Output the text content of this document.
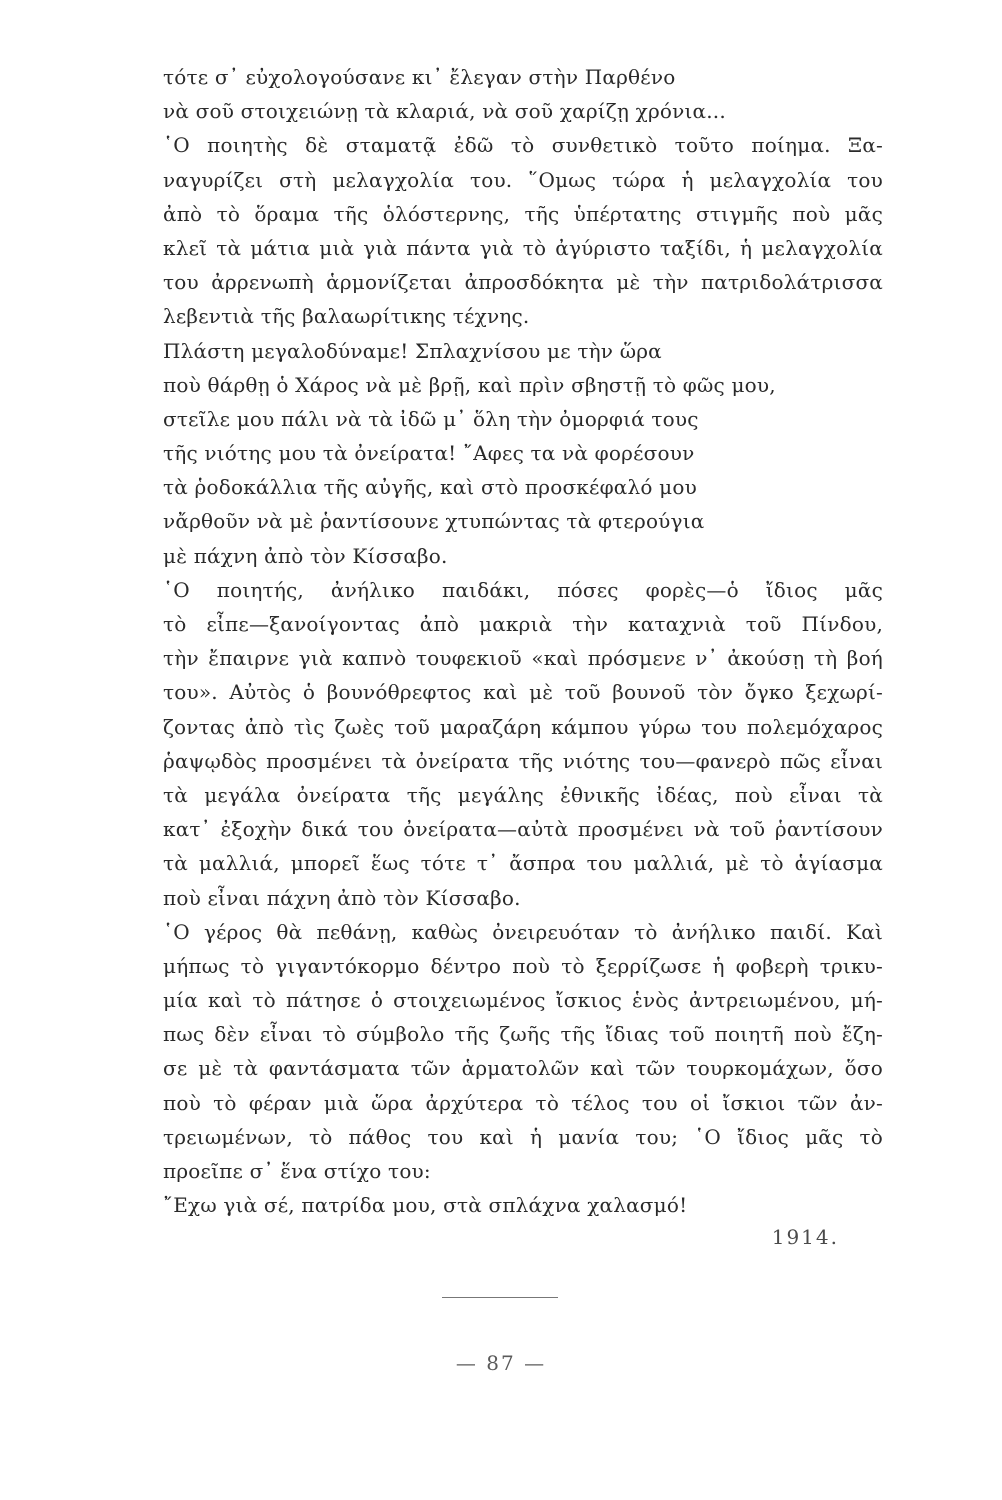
τότε σ᾽ εὐχολογούσανε κι᾽ ἔλεγαν στὴν Παρθένο
νὰ σοῦ στοιχειώνῃ τὰ κλαριά, νὰ σοῦ χαρίζῃ χρόνια...
῾Ο ποιητὴς δὲ σταματᾷ ἐδῶ τὸ συνθετικὸ τοῦτο ποίημα. Ξα-
ναγυρίζει στὴ μελαγχολία του. ῞Ομως τώρα ἡ μελαγχολία του
ἀπὸ τὸ ὅραμα τῆς ὁλόστερνης, τῆς ὑπέρτατης στιγμῆς ποὺ μᾶς
κλεῖ τὰ μάτια μιὰ γιὰ πάντα γιὰ τὸ ἀγύριστο ταξίδι, ἡ μελαγχολία
του ἀρρενωπὴ ἁρμονίζεται ἀπροσδόκητα μὲ τὴν πατριδολάτρισσα
λεβεντιὰ τῆς βαλαωρίτικης τέχνης.
Πλάστη μεγαλοδύναμε! Σπλαχνίσου με τὴν ὥρα
ποὺ θάρθῃ ὁ Χάρος νὰ μὲ βρῇ, καὶ πρὶν σβηστῇ τὸ φῶς μου,
στεῖλε μου πάλι νὰ τὰ ἰδῶ μ᾽ ὅλη τὴν ὀμορφιά τους
τῆς νιότης μου τὰ ὀνείρατα! ῎Αφες τα νὰ φορέσουν
τὰ ῥοδοκάλλια τῆς αὐγῆς, καὶ στὸ προσκέφαλό μου
νἄρθοῦν νὰ μὲ ῥαντίσουνε χτυπώντας τὰ φτερούγια
μὲ πάχνη ἀπὸ τὸν Κίσσαβο.
῾Ο ποιητής, ἀνήλικο παιδάκι, πόσες φορὲς—ὁ ἴδιος μᾶς
τὸ εἶπε—ξανοίγοντας ἀπὸ μακριὰ τὴν καταχνιὰ τοῦ Πίνδου,
τὴν ἔπαιρνε γιὰ καπνὸ τουφεκιοῦ «καὶ πρόσμενε ν᾽ ἀκούσῃ τὴ βοή
του». Αὐτὸς ὁ βουνόθρεφτος καὶ μὲ τοῦ βουνοῦ τὸν ὄγκο ξεχωρί-
ζοντας ἀπὸ τὶς ζωὲς τοῦ μαραζάρη κάμπου γύρω του πολεμόχαρος
ῥαψῳδὸς προσμένει τὰ ὀνείρατα τῆς νιότης του—φανερὸ πῶς εἶναι
τὰ μεγάλα ὀνείρατα τῆς μεγάλης ἐθνικῆς ἰδέας, ποὺ εἶναι τὰ
κατ᾽ ἐξοχὴν δικά του ὀνείρατα—αὐτὰ προσμένει νὰ τοῦ ῥαντίσουν
τὰ μαλλιά, μπορεῖ ἕως τότε τ᾽ ἄσπρα του μαλλιά, μὲ τὸ ἁγίασμα
ποὺ εἶναι πάχνη ἀπὸ τὸν Κίσσαβο.
῾Ο γέρος θὰ πεθάνῃ, καθὼς ὀνειρευόταν τὸ ἀνήλικο παιδί. Καὶ
μήπως τὸ γιγαντόκορμο δέντρο ποὺ τὸ ξερρίζωσε ἡ φοβερὴ τρικυ-
μία καὶ τὸ πάτησε ὁ στοιχειωμένος ἴσκιος ἑνὸς ἀντρειωμένου, μή-
πως δὲν εἶναι τὸ σύμβολο τῆς ζωῆς τῆς ἴδιας τοῦ ποιητῆ ποὺ ἔζη-
σε μὲ τὰ φαντάσματα τῶν ἁρματολῶν καὶ τῶν τουρκομάχων, ὅσο
ποὺ τὸ φέραν μιὰ ὥρα ἀρχύτερα τὸ τέλος του οἱ ἴσκιοι τῶν ἀν-
τρειωμένων, τὸ πάθος του καὶ ἡ μανία του; ῾Ο ἴδιος μᾶς τὸ
προεῖπε σ᾽ ἕνα στίχο του:
῎Εχω γιὰ σέ, πατρίδα μου, στὰ σπλάχνα χαλασμό!
1914.
— 87 —
